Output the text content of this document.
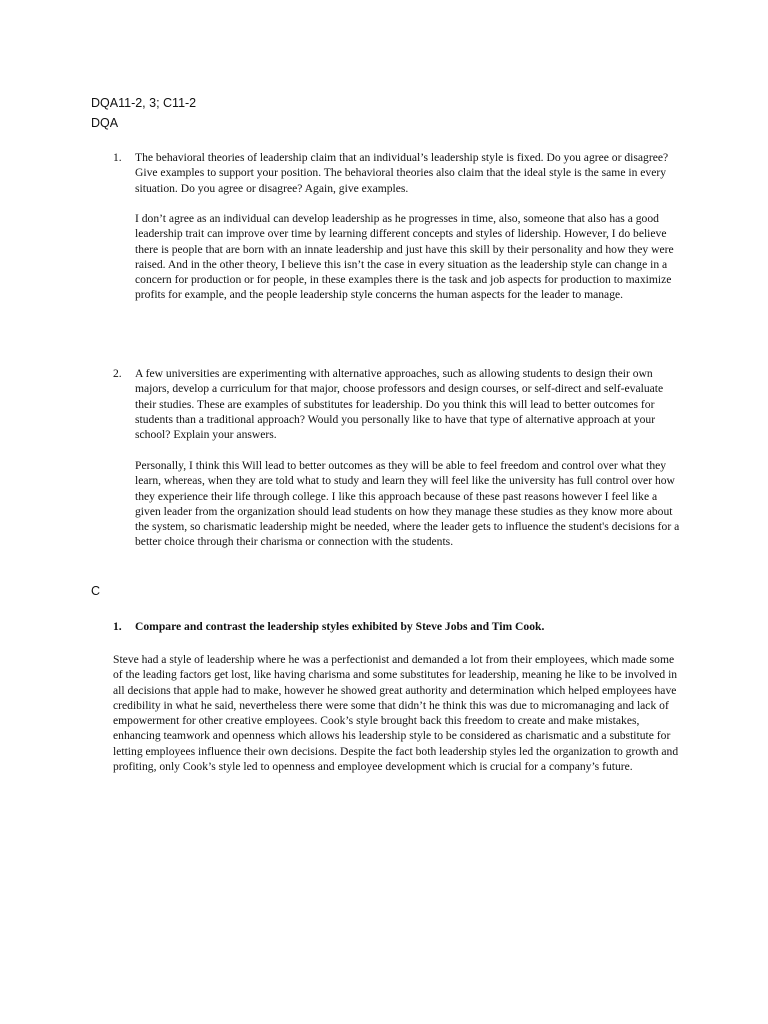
DQA11-2, 3; C11-2
DQA
1. The behavioral theories of leadership claim that an individual’s leadership style is fixed. Do you agree or disagree? Give examples to support your position. The behavioral theories also claim that the ideal style is the same in every situation. Do you agree or disagree? Again, give examples.

I don’t agree as an individual can develop leadership as he progresses in time, also, someone that also has a good leadership trait can improve over time by learning different concepts and styles of lidership. However, I do believe there is people that are born with an innate leadership and just have this skill by their personality and how they were raised. And in the other theory, I believe this isn’t the case in every situation as the leadership style can change in a concern for production or for people, in these examples there is the task and job aspects for production to maximize profits for example, and the people leadership style concerns the human aspects for the leader to manage.

2. A few universities are experimenting with alternative approaches, such as allowing students to design their own majors, develop a curriculum for that major, choose professors and design courses, or self-direct and self-evaluate their studies. These are examples of substitutes for leadership. Do you think this will lead to better outcomes for students than a traditional approach? Would you personally like to have that type of alternative approach at your school? Explain your answers.

Personally, I think this Will lead to better outcomes as they will be able to feel freedom and control over what they learn, whereas, when they are told what to study and learn they will feel like the university has full control over how they experience their life through college. I like this approach because of these past reasons however I feel like a given leader from the organization should lead students on how they manage these studies as they know more about the system, so charismatic leadership might be needed, where the leader gets to influence the student's decisions for a better choice through their charisma or connection with the students.

C
1. Compare and contrast the leadership styles exhibited by Steve Jobs and Tim Cook.

Steve had a style of leadership where he was a perfectionist and demanded a lot from their employees, which made some of the leading factors get lost, like having charisma and some substitutes for leadership, meaning he like to be involved in all decisions that apple had to make, however he showed great authority and determination which helped employees have credibility in what he said, nevertheless there were some that didn’t he think this was due to micromanaging and lack of empowerment for other creative employees. Cook’s style brought back this freedom to create and make mistakes, enhancing teamwork and openness which allows his leadership style to be considered as charismatic and a substitute for letting employees influence their own decisions. Despite the fact both leadership styles led the organization to growth and profiting, only Cook’s style led to openness and employee development which is crucial for a company’s future.
